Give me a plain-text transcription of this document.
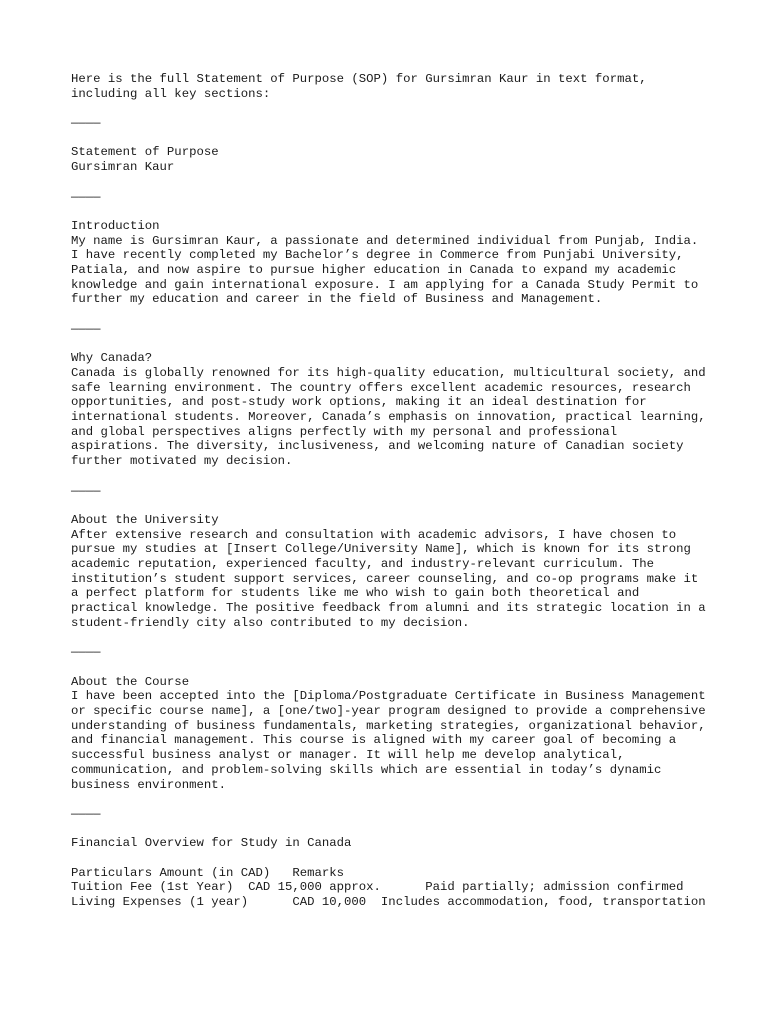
Here is the full Statement of Purpose (SOP) for Gursimran Kaur in text format, including all key sections:

————

Statement of Purpose

Gursimran Kaur

————

Introduction

My name is Gursimran Kaur, a passionate and determined individual from Punjab, India. I have recently completed my Bachelor’s degree in Commerce from Punjabi University, Patiala, and now aspire to pursue higher education in Canada to expand my academic knowledge and gain international exposure. I am applying for a Canada Study Permit to further my education and career in the field of Business and Management.

————

Why Canada?

Canada is globally renowned for its high-quality education, multicultural society, and safe learning environment. The country offers excellent academic resources, research opportunities, and post-study work options, making it an ideal destination for international students. Moreover, Canada’s emphasis on innovation, practical learning, and global perspectives aligns perfectly with my personal and professional aspirations. The diversity, inclusiveness, and welcoming nature of Canadian society further motivated my decision.

————

About the University

After extensive research and consultation with academic advisors, I have chosen to pursue my studies at [Insert College/University Name], which is known for its strong academic reputation, experienced faculty, and industry-relevant curriculum. The institution’s student support services, career counseling, and co-op programs make it a perfect platform for students like me who wish to gain both theoretical and practical knowledge. The positive feedback from alumni and its strategic location in a student-friendly city also contributed to my decision.

————

About the Course

I have been accepted into the [Diploma/Postgraduate Certificate in Business Management or specific course name], a [one/two]-year program designed to provide a comprehensive understanding of business fundamentals, marketing strategies, organizational behavior, and financial management. This course is aligned with my career goal of becoming a successful business analyst or manager. It will help me develop analytical, communication, and problem-solving skills which are essential in today’s dynamic business environment.

————

Financial Overview for Study in Canada

Particulars Amount (in CAD)   Remarks

Tuition Fee (1st Year)  CAD 15,000 approx.      Paid partially; admission confirmed

Living Expenses (1 year)      CAD 10,000  Includes accommodation, food, transportation
